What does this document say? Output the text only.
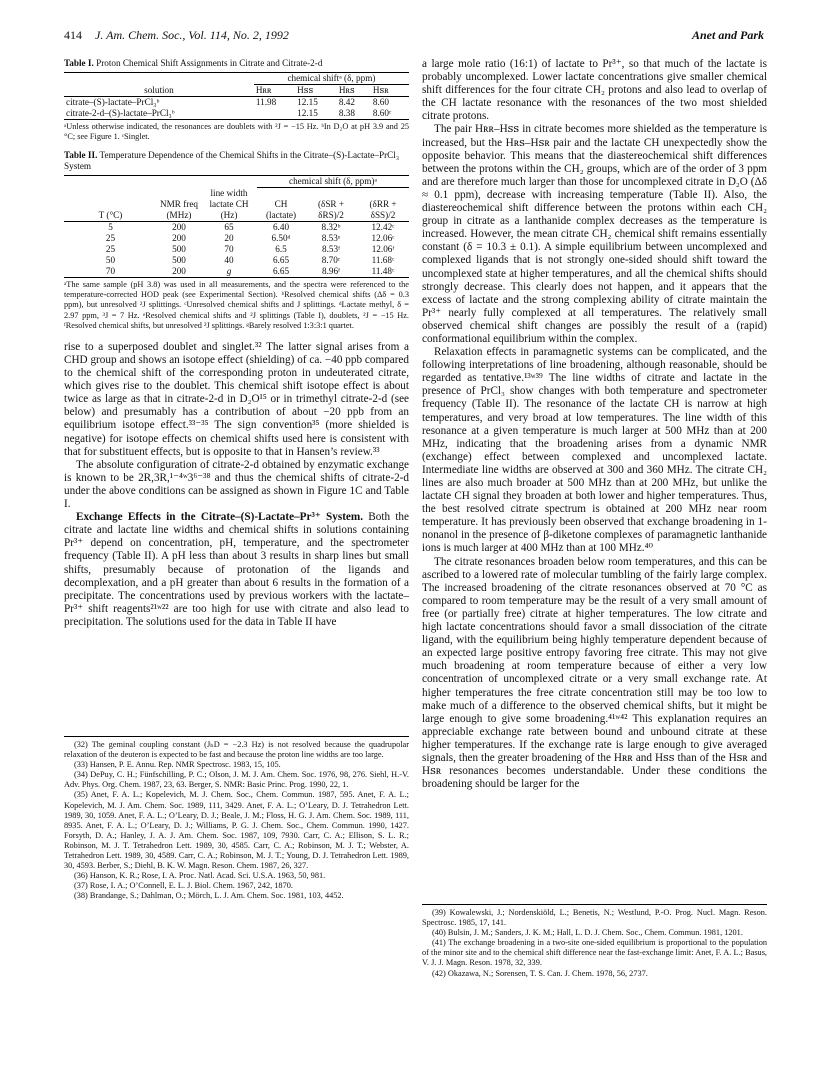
414 J. Am. Chem. Soc., Vol. 114, No. 2, 1992	Anet and Park
Table I. Proton Chemical Shift Assignments in Citrate and Citrate-2-d
	chemical shiftᵃ (δ, ppm)			
solution	Hʀʀ	Hꜱꜱ	Hʀꜱ	Hꜱʀ
citrate–(S)-lactate–PrCl₃ᵇ	11.98	12.15	8.42	8.60
citrate-2-d–(S)-lactate–PrCl₃ᵇ		12.15	8.38	8.60ᶜ
ᵃUnless otherwise indicated, the resonances are doublets with ²J = −15 Hz. ᵇIn D₂O at pH 3.9 and 25 °C; see Figure 1. ᶜSinglet.
Table II. Temperature Dependence of the Chemical Shifts in the Citrate–(S)-Lactate–PrCl₃ System
			chemical shift (δ, ppm)ᵃ		
T (°C)	NMR freq (MHz)	line width lactate CH (Hz)	CH (lactate)	(δSR + δRS)/2	(δRR + δSS)/2
5	200	65	6.40	8.32ᵇ	12.42ᶜ
25	200	20	6.50ᵈ	8.53ᵉ	12.06ᶜ
25	500	70	6.5	8.53ᶠ	12.06ᶠ
50	500	40	6.65	8.70ᶜ	11.68ᶜ
70	200	g	6.65	8.96ᶠ	11.48ᶜ
ᵃThe same sample (pH 3.8) was used in all measurements, and the spectra were referenced to the temperature-corrected HOD peak (see Experimental Section). ᵇResolved chemical shifts (Δδ = 0.3 ppm), but unresolved ²J splittings. ᶜUnresolved chemical shifts and J splittings. ᵈLactate methyl, δ = 2.97 ppm, ³J = 7 Hz. ᵉResolved chemical shifts and ²J splittings (Table I), doublets, ²J = −15 Hz. ᶠResolved chemical shifts, but unresolved ²J splittings. ᵍBarely resolved 1:3:3:1 quartet.

rise to a superposed doublet and singlet.³² The latter signal arises from a CHD group and shows an isotope effect (shielding) of ca. −40 ppb compared to the chemical shift of the corresponding proton in undeuterated citrate, which gives rise to the doublet. This chemical shift isotope effect is about twice as large as that in citrate-2-d in D₂O¹⁵ or in trimethyl citrate-2-d (see below) and presumably has a contribution of about −20 ppb from an equilibrium isotope effect.³³⁻³⁵ The sign convention³⁵ (more shielded is negative) for isotope effects on chemical shifts used here is consistent with that for substituent effects, but is opposite to that in Hansen’s review.³³

The absolute configuration of citrate-2-d obtained by enzymatic exchange is known to be 2R,3R,¹⁻⁴ʷ3⁶⁻³⁸ and thus the chemical shifts of citrate-2-d under the above conditions can be assigned as shown in Figure 1C and Table I.

Exchange Effects in the Citrate–(S)-Lactate–Pr³⁺ System. Both the citrate and lactate line widths and chemical shifts in solutions containing Pr³⁺ depend on concentration, pH, temperature, and the spectrometer frequency (Table II). A pH less than about 3 results in sharp lines but small shifts, presumably because of protonation of the ligands and decomplexation, and a pH greater than about 6 results in the formation of a precipitate. The concentrations used by previous workers with the lactate–Pr³⁺ shift reagents²¹ʷ²² are too high for use with citrate and also lead to precipitation. The solutions used for the data in Table II have

(32) The geminal coupling constant (JₕD = −2.3 Hz) is not resolved because the quadrupolar relaxation of the deuteron is expected to be fast and because the proton line widths are too large.

(33) Hansen, P. E. Annu. Rep. NMR Spectrosc. 1983, 15, 105.

(34) DePuy, C. H.; Fünfschilling, P. C.; Olson, J. M. J. Am. Chem. Soc. 1976, 98, 276. Siehl, H.-V. Adv. Phys. Org. Chem. 1987, 23, 63. Berger, S. NMR: Basic Princ. Prog. 1990, 22, 1.

(35) Anet, F. A. L.; Kopelevich, M. J. Chem. Soc., Chem. Commun. 1987, 595. Anet, F. A. L.; Kopelevich, M. J. Am. Chem. Soc. 1989, 111, 3429. Anet, F. A. L.; O’Leary, D. J. Tetrahedron Lett. 1989, 30, 1059. Anet, F. A. L.; O’Leary, D. J.; Beale, J. M.; Floss, H. G. J. Am. Chem. Soc. 1989, 111, 8935. Anet, F. A. L.; O’Leary, D. J.; Williams, P. G. J. Chem. Soc., Chem. Commun. 1990, 1427. Forsyth, D. A.; Hanley, J. A. J. Am. Chem. Soc. 1987, 109, 7930. Carr, C. A.; Ellison, S. L. R.; Robinson, M. J. T. Tetrahedron Lett. 1989, 30, 4585. Carr, C. A.; Robinson, M. J. T.; Webster, A. Tetrahedron Lett. 1989, 30, 4589. Carr, C. A.; Robinson, M. J. T.; Young, D. J. Tetrahedron Lett. 1989, 30, 4593. Berber, S.; Diehl, B. K. W. Magn. Reson. Chem. 1987, 26, 327.

(36) Hanson, K. R.; Rose, I. A. Proc. Natl. Acad. Sci. U.S.A. 1963, 50, 981.

(37) Rose, I. A.; O’Connell, E. L. J. Biol. Chem. 1967, 242, 1870.

(38) Brandange, S.; Dahlman, O.; Mörch, L. J. Am. Chem. Soc. 1981, 103, 4452.

a large mole ratio (16:1) of lactate to Pr³⁺, so that much of the lactate is probably uncomplexed. Lower lactate concentrations give smaller chemical shift differences for the four citrate CH₂ protons and also lead to overlap of the CH lactate resonance with the resonances of the two most shielded citrate protons.

The pair Hʀʀ–Hꜱꜱ in citrate becomes more shielded as the temperature is increased, but the Hʀꜱ–Hꜱʀ pair and the lactate CH unexpectedly show the opposite behavior. This means that the diastereochemical shift differences between the protons within the CH₂ groups, which are of the order of 3 ppm and are therefore much larger than those for uncomplexed citrate in D₂O (Δδ ≈ 0.1 ppm), decrease with increasing temperature (Table II). Also, the diastereochemical shift difference between the protons within each CH₂ group in citrate as a lanthanide complex decreases as the temperature is increased. However, the mean citrate CH₂ chemical shift remains essentially constant (δ = 10.3 ± 0.1). A simple equilibrium between uncomplexed and complexed ligands that is not strongly one-sided should shift toward the uncomplexed state at higher temperatures, and all the chemical shifts should strongly decrease. This clearly does not happen, and it appears that the excess of lactate and the strong complexing ability of citrate maintain the Pr³⁺ nearly fully complexed at all temperatures. The relatively small observed chemical shift changes are possibly the result of a (rapid) conformational equilibrium within the complex.

Relaxation effects in paramagnetic systems can be complicated, and the following interpretations of line broadening, although reasonable, should be regarded as tentative.¹³ʷ³⁹ The line widths of citrate and lactate in the presence of PrCl₃ show changes with both temperature and spectrometer frequency (Table II). The resonance of the lactate CH is narrow at high temperatures, and very broad at low temperatures. The line width of this resonance at a given temperature is much larger at 500 MHz than at 200 MHz, indicating that the broadening arises from a dynamic NMR (exchange) effect between complexed and uncomplexed lactate. Intermediate line widths are observed at 300 and 360 MHz. The citrate CH₂ lines are also much broader at 500 MHz than at 200 MHz, but unlike the lactate CH signal they broaden at both lower and higher temperatures. Thus, the best resolved citrate spectrum is obtained at 200 MHz near room temperature. It has previously been observed that exchange broadening in 1-nonanol in the presence of β-diketone complexes of paramagnetic lanthanide ions is much larger at 400 MHz than at 100 MHz.⁴⁰

The citrate resonances broaden below room temperatures, and this can be ascribed to a lowered rate of molecular tumbling of the fairly large complex. The increased broadening of the citrate resonances observed at 70 °C as compared to room temperature may be the result of a very small amount of free (or partially free) citrate at higher temperatures. The low citrate and high lactate concentrations should favor a small dissociation of the citrate ligand, with the equilibrium being highly temperature dependent because of an expected large positive entropy favoring free citrate. This may not give much broadening at room temperature because of either a very low concentration of uncomplexed citrate or a very small exchange rate. At higher temperatures the free citrate concentration still may be too low to make much of a difference to the observed chemical shifts, but it might be large enough to give some broadening.⁴¹ʷ⁴² This explanation requires an appreciable exchange rate between bound and unbound citrate at these higher temperatures. If the exchange rate is large enough to give averaged signals, then the greater broadening of the Hʀʀ and Hꜱꜱ than of the Hꜱʀ and Hꜱʀ resonances becomes understandable. Under these conditions the broadening should be larger for the

(39) Kowalewski, J.; Nordenskiöld, L.; Benetis, N.; Westlund, P.-O. Prog. Nucl. Magn. Reson. Spectrosc. 1985, 17, 141.

(40) Bulsin, J. M.; Sanders, J. K. M.; Hall, L. D. J. Chem. Soc., Chem. Commun. 1981, 1201.

(41) The exchange broadening in a two-site one-sided equilibrium is proportional to the population of the minor site and to the chemical shift difference near the fast-exchange limit: Anet, F. A. L.; Basus, V. J. J. Magn. Reson. 1978, 32, 339.

(42) Okazawa, N.; Sorensen, T. S. Can. J. Chem. 1978, 56, 2737.
